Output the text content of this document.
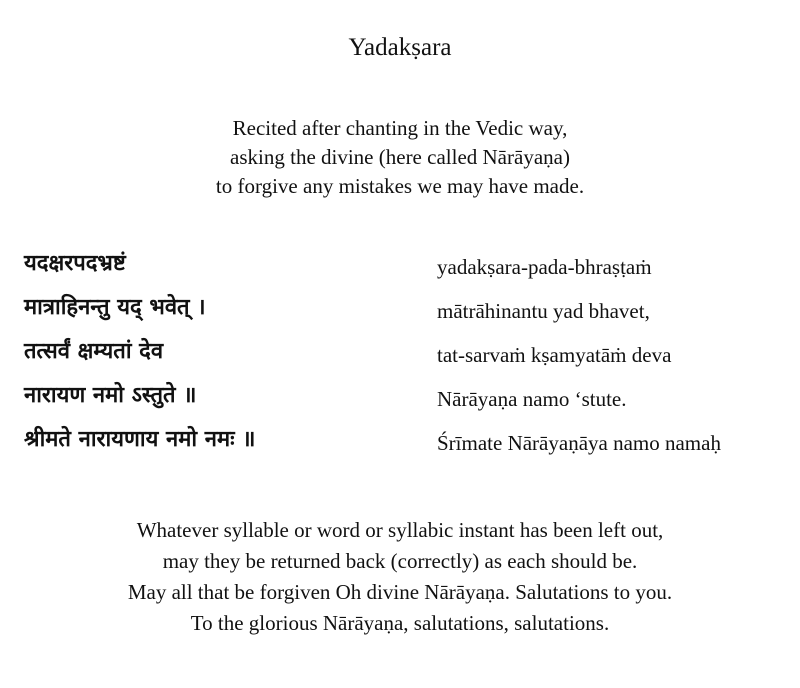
Yadakṣara
Recited after chanting in the Vedic way,
asking the divine (here called Nārāyaṇa)
to forgive any mistakes we may have made.
यदक्षरपदभ्रष्टं	yadakṣara-pada-bhraṣṭaṁ
मात्राहिनन्तु यद् भवेत् ।	mātrāhinantu yad bhavet,
तत्सर्वं क्षम्यतां देव	tat-sarvaṁ kṣamyatāṁ deva
नारायण नमो ऽस्तुते ॥	Nārāyaṇa namo ‘stute.
श्रीमते नारायणाय नमो नमः ॥	Śrīmate Nārāyaṇāya namo namaḥ
Whatever syllable or word or syllabic instant has been left out,
may they be returned back (correctly) as each should be.
May all that be forgiven Oh divine Nārāyaṇa. Salutations to you.
To the glorious Nārāyaṇa, salutations, salutations.
